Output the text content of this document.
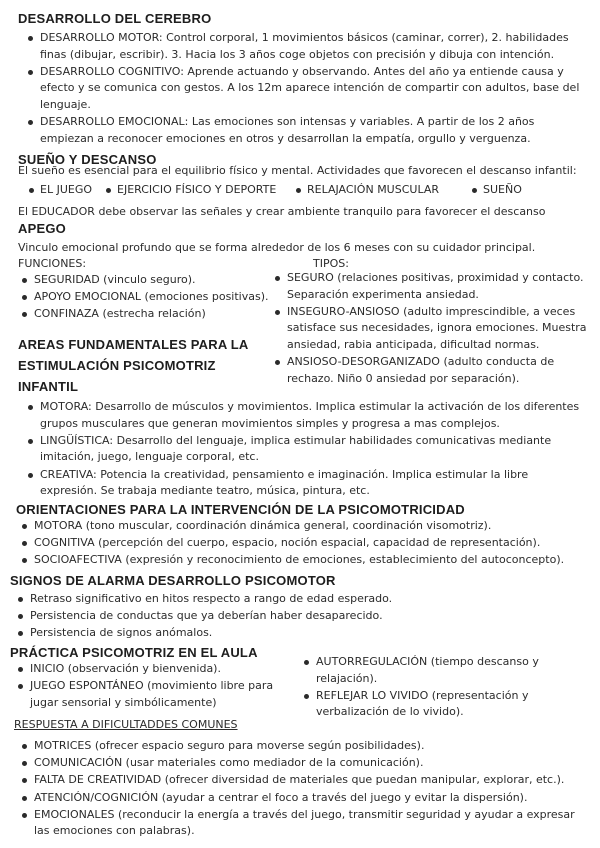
DESARROLLO DEL CEREBRO
DESARROLLO MOTOR: Control corporal, 1 movimientos básicos (caminar, correr), 2. habilidades finas (dibujar, escribir). 3. Hacia los 3 años coge objetos con precisión y dibuja con intención.
DESARROLLO COGNITIVO: Aprende actuando y observando. Antes del año ya entiende causa y efecto y se comunica con gestos. A los 12m aparece intención de compartir con adultos, base del lenguaje.
DESARROLLO EMOCIONAL: Las emociones son intensas y variables. A partir de los 2 años empiezan a reconocer emociones en otros y desarrollan la empatía, orgullo y verguenza.
SUEÑO Y DESCANSO

El sueño es esencial para el equilibrio físico y mental. Actividades que favorecen el descanso infantil:

EL JUEGO EJERCICIO FÍSICO Y DEPORTE	RELAJACIÓN MUSCULAR	SUEÑO

El EDUCADOR debe observar las señales y crear ambiente tranquilo para favorecer el descanso

APEGO

Vinculo emocional profundo que se forma alrededor de los 6 meses con su cuidador principal.

FUNCIONES:	TIPOS:

SEGURIDAD (vinculo seguro).
APOYO EMOCIONAL (emociones positivas).
CONFINAZA (estrecha relación)
SEGURO (relaciones positivas, proximidad y contacto. Separación experimenta ansiedad.
INSEGURO-ANSIOSO (adulto imprescindible, a veces satisface sus necesidades, ignora emociones. Muestra ansiedad, rabia anticipada, dificultad normas.
ANSIOSO-DESORGANIZADO (adulto conducta de rechazo. Niño 0 ansiedad por separación).
AREAS FUNDAMENTALES PARA LA
ESTIMULACIÓN PSICOMOTRIZ
INFANTIL
MOTORA: Desarrollo de músculos y movimientos. Implica estimular la activación de los diferentes grupos musculares que generan movimientos simples y progresa a mas complejos.
LINGÜÍSTICA: Desarrollo del lenguaje, implica estimular habilidades comunicativas mediante imitación, juego, lenguaje corporal, etc.
CREATIVA: Potencia la creatividad, pensamiento e imaginación. Implica estimular la libre expresión. Se trabaja mediante teatro, música, pintura, etc.
ORIENTACIONES PARA LA INTERVENCIÓN DE LA PSICOMOTRICIDAD
MOTORA (tono muscular, coordinación dinámica general, coordinación visomotriz).
COGNITIVA (percepción del cuerpo, espacio, noción espacial, capacidad de representación).
SOCIOAFECTIVA (expresión y reconocimiento de emociones, establecimiento del autoconcepto).
SIGNOS DE ALARMA DESARROLLO PSICOMOTOR
Retraso significativo en hitos respecto a rango de edad esperado.
Persistencia de conductas que ya deberían haber desaparecido.
Persistencia de signos anómalos.
PRÁCTICA PSICOMOTRIZ EN EL AULA
INICIO (observación y bienvenida).
JUEGO ESPONTÁNEO (movimiento libre para jugar sensorial y simbólicamente)
AUTORREGULACIÓN (tiempo descanso y relajación).
REFLEJAR LO VIVIDO (representación y verbalización de lo vivido).

RESPUESTA A DIFICULTADDES COMUNES

MOTRICES (ofrecer espacio seguro para moverse según posibilidades).
COMUNICACIÓN (usar materiales como mediador de la comunicación).
FALTA DE CREATIVIDAD (ofrecer diversidad de materiales que puedan manipular, explorar, etc.).
ATENCIÓN/COGNICIÓN (ayudar a centrar el foco a través del juego y evitar la dispersión).
EMOCIONALES (reconducir la energía a través del juego, transmitir seguridad y ayudar a expresar las emociones con palabras).
